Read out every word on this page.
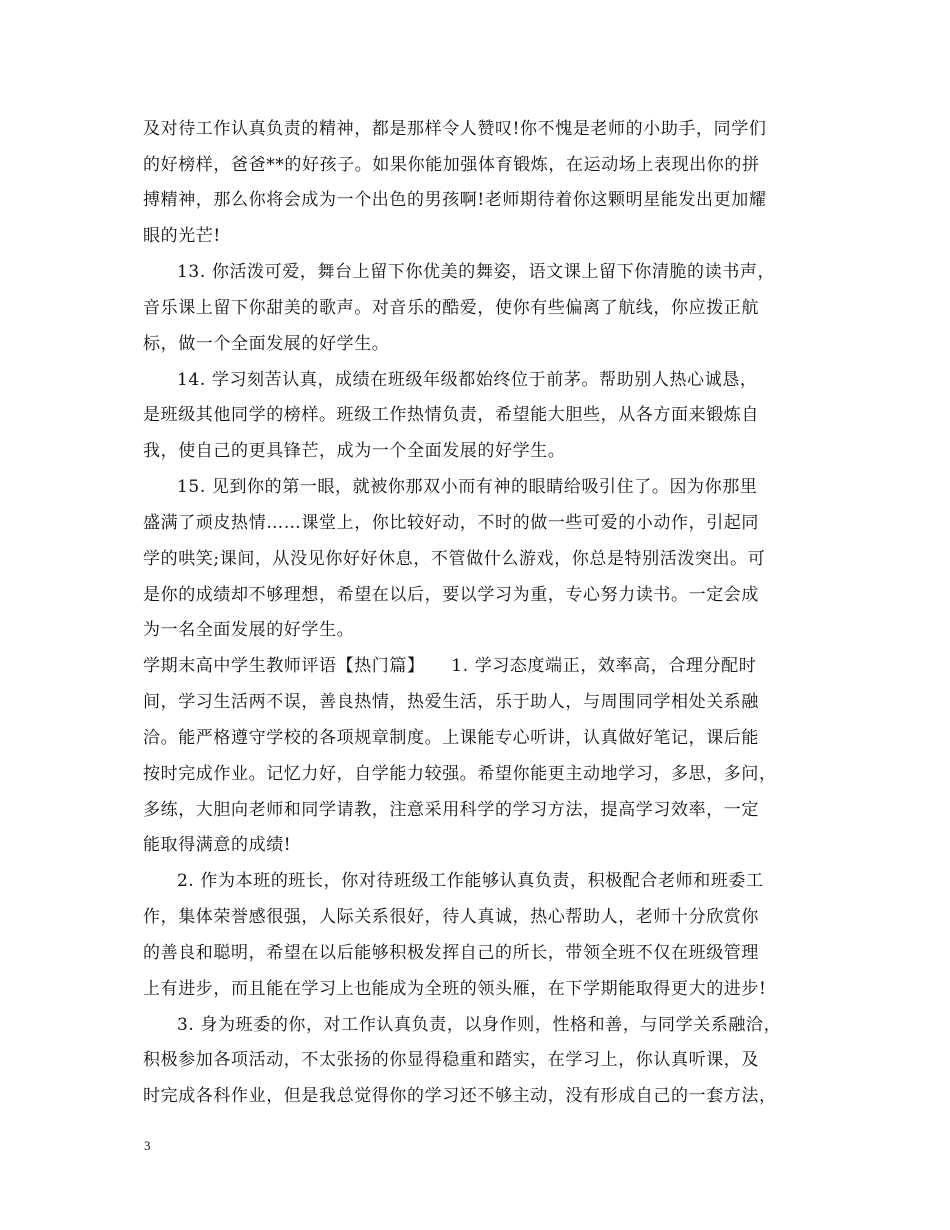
及对待工作认真负责的精神，都是那样令人赞叹!你不愧是老师的小助手，同学们
的好榜样，爸爸**的好孩子。如果你能加强体育锻炼，在运动场上表现出你的拼
搏精神，那么你将会成为一个出色的男孩啊!老师期待着你这颗明星能发出更加耀
眼的光芒!
13. 你活泼可爱，舞台上留下你优美的舞姿，语文课上留下你清脆的读书声，
音乐课上留下你甜美的歌声。对音乐的酷爱，使你有些偏离了航线，你应拨正航
标，做一个全面发展的好学生。
14. 学习刻苦认真，成绩在班级年级都始终位于前茅。帮助别人热心诚恳，
是班级其他同学的榜样。班级工作热情负责，希望能大胆些，从各方面来锻炼自
我，使自己的更具锋芒，成为一个全面发展的好学生。
15. 见到你的第一眼，就被你那双小而有神的眼睛给吸引住了。因为你那里
盛满了顽皮热情……课堂上，你比较好动，不时的做一些可爱的小动作，引起同
学的哄笑;课间，从没见你好好休息，不管做什么游戏，你总是特别活泼突出。可
是你的成绩却不够理想，希望在以后，要以学习为重，专心努力读书。一定会成
为一名全面发展的好学生。
学期末高中学生教师评语【热门篇】　　1. 学习态度端正，效率高，合理分配时
间，学习生活两不误，善良热情，热爱生活，乐于助人，与周围同学相处关系融
洽。能严格遵守学校的各项规章制度。上课能专心听讲，认真做好笔记，课后能
按时完成作业。记忆力好，自学能力较强。希望你能更主动地学习，多思，多问，
多练，大胆向老师和同学请教，注意采用科学的学习方法，提高学习效率，一定
能取得满意的成绩!
2. 作为本班的班长，你对待班级工作能够认真负责，积极配合老师和班委工
作，集体荣誉感很强，人际关系很好，待人真诚，热心帮助人，老师十分欣赏你
的善良和聪明，希望在以后能够积极发挥自己的所长，带领全班不仅在班级管理
上有进步，而且能在学习上也能成为全班的领头雁，在下学期能取得更大的进步!
3. 身为班委的你，对工作认真负责，以身作则，性格和善，与同学关系融洽，
积极参加各项活动，不太张扬的你显得稳重和踏实，在学习上，你认真听课，及
时完成各科作业，但是我总觉得你的学习还不够主动，没有形成自己的一套方法，
3
